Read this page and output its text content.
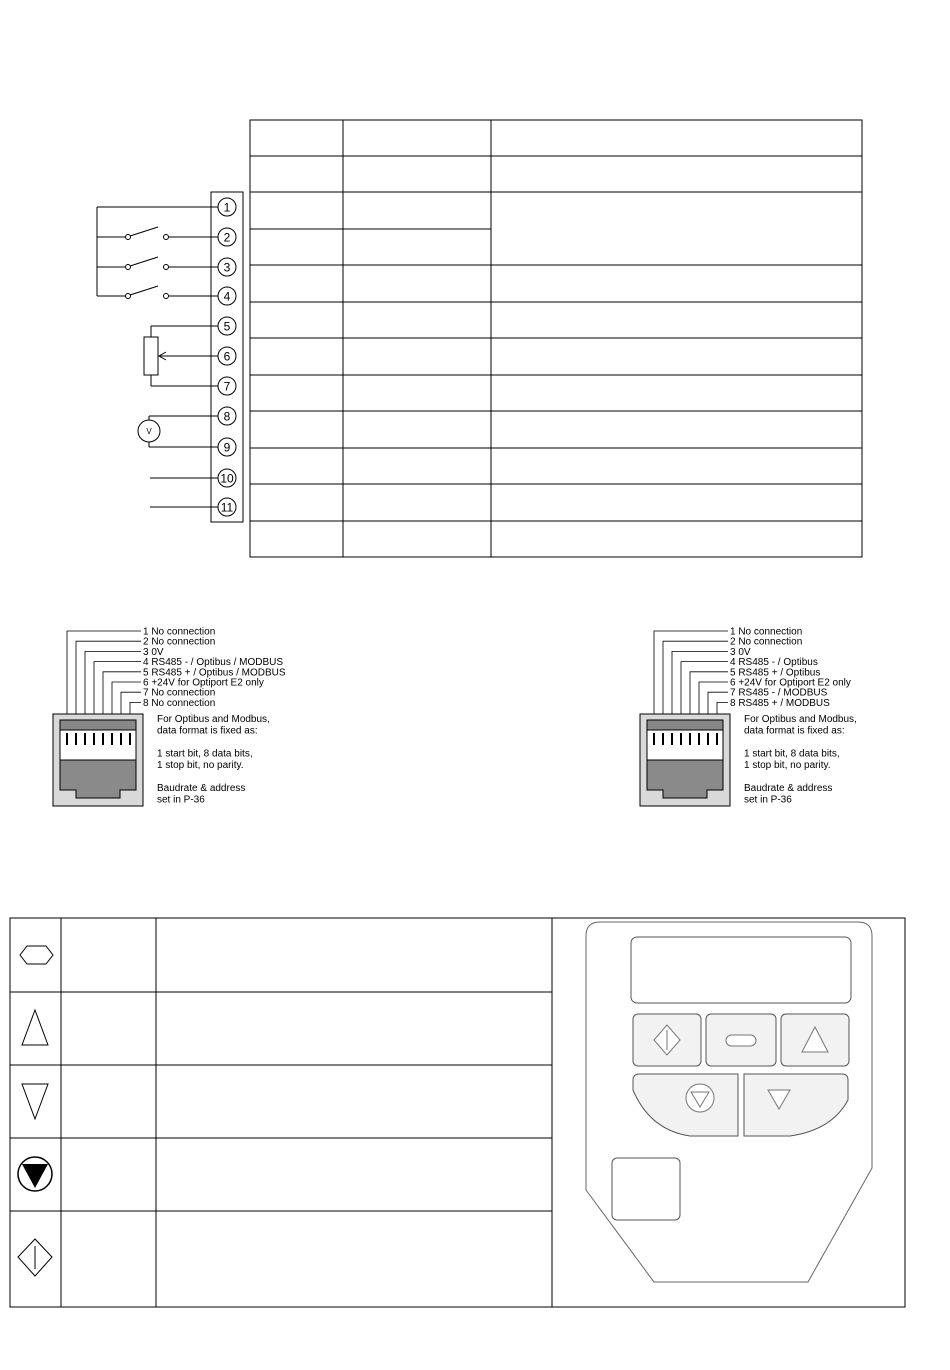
1
2
3
4
5
6
7
8
9
10
11
V
1 No connection
2 No connection
3 0V
4 RS485 - / Optibus / MODBUS
5 RS485 + / Optibus / MODBUS
6 +24V for Optiport E2 only
7 No connection
8 No connection
For Optibus and Modbus,
data format is fixed as:
1 start bit, 8 data bits,
1 stop bit, no parity.
Baudrate & address
set in P-36
1 No connection
2 No connection
3 0V
4 RS485 - / Optibus
5 RS485 + / Optibus
6 +24V for Optiport E2 only
7 RS485 - / MODBUS
8 RS485 + / MODBUS
For Optibus and Modbus,
data format is fixed as:
1 start bit, 8 data bits,
1 stop bit, no parity.
Baudrate & address
set in P-36
